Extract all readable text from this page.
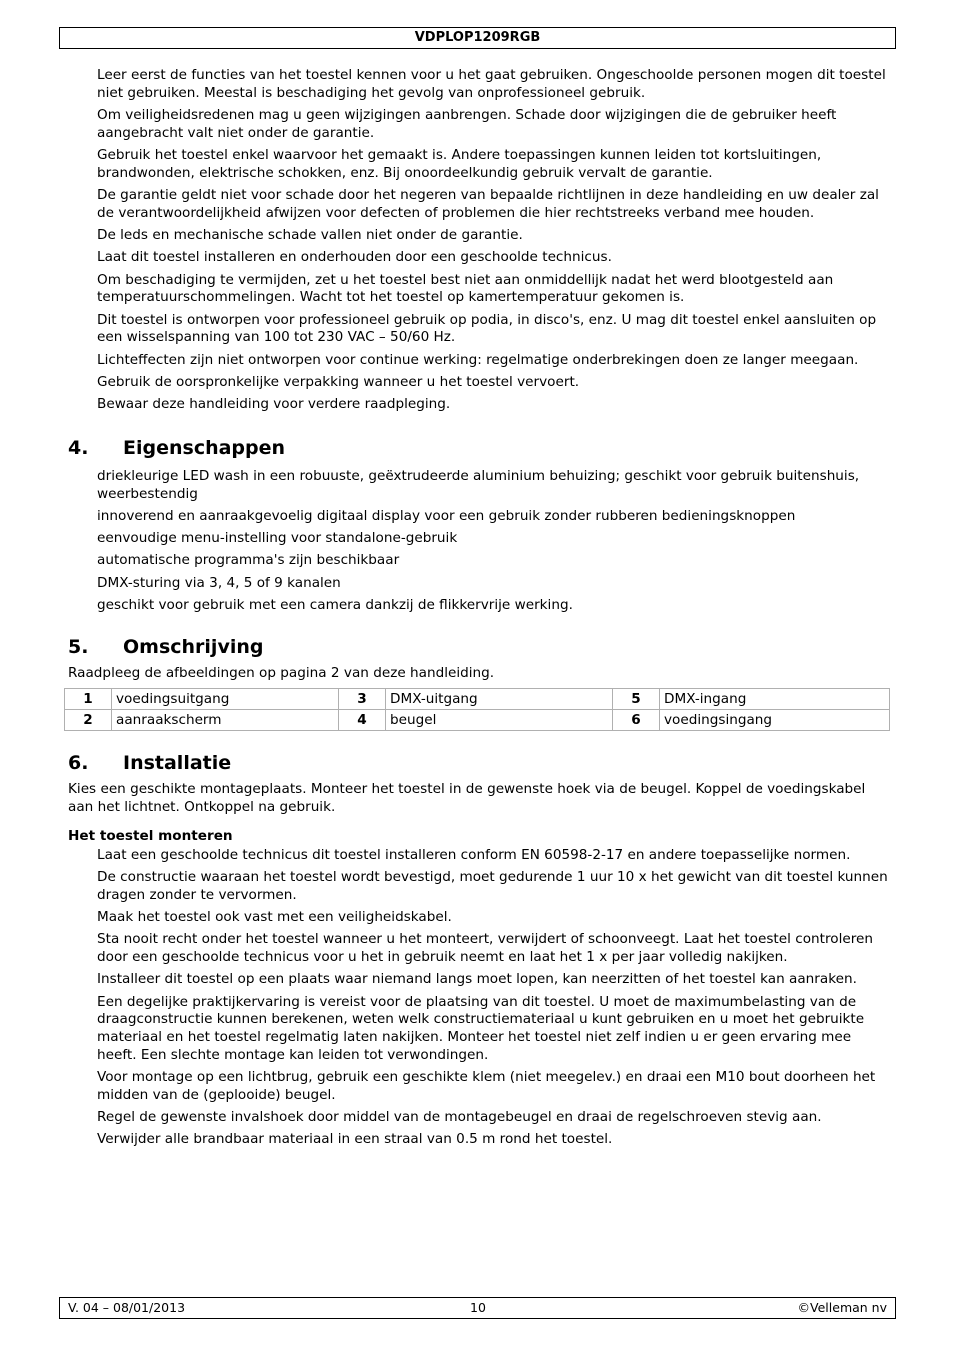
VDPLOP1209RGB
Leer eerst de functies van het toestel kennen voor u het gaat gebruiken. Ongeschoolde personen mogen dit toestel niet gebruiken. Meestal is beschadiging het gevolg van onprofessioneel gebruik.
Om veiligheidsredenen mag u geen wijzigingen aanbrengen. Schade door wijzigingen die de gebruiker heeft aangebracht valt niet onder de garantie.
Gebruik het toestel enkel waarvoor het gemaakt is. Andere toepassingen kunnen leiden tot kortsluitingen, brandwonden, elektrische schokken, enz. Bij onoordeelkundig gebruik vervalt de garantie.
De garantie geldt niet voor schade door het negeren van bepaalde richtlijnen in deze handleiding en uw dealer zal de verantwoordelijkheid afwijzen voor defecten of problemen die hier rechtstreeks verband mee houden.
De leds en mechanische schade vallen niet onder de garantie.
Laat dit toestel installeren en onderhouden door een geschoolde technicus.
Om beschadiging te vermijden, zet u het toestel best niet aan onmiddellijk nadat het werd blootgesteld aan temperatuurschommelingen. Wacht tot het toestel op kamertemperatuur gekomen is.
Dit toestel is ontworpen voor professioneel gebruik op podia, in disco's, enz. U mag dit toestel enkel aansluiten op een wisselspanning van 100 tot 230 VAC – 50/60 Hz.
Lichteffecten zijn niet ontworpen voor continue werking: regelmatige onderbrekingen doen ze langer meegaan.
Gebruik de oorspronkelijke verpakking wanneer u het toestel vervoert.
Bewaar deze handleiding voor verdere raadpleging.
4. Eigenschappen
driekleurige LED wash in een robuuste, geëxtrudeerde aluminium behuizing; geschikt voor gebruik buitenshuis, weerbestendig
innoverend en aanraakgevoelig digitaal display voor een gebruik zonder rubberen bedieningsknoppen
eenvoudige menu-instelling voor standalone-gebruik
automatische programma's zijn beschikbaar
DMX-sturing via 3, 4, 5 of 9 kanalen
geschikt voor gebruik met een camera dankzij de flikkervrije werking.
5. Omschrijving

Raadpleeg de afbeeldingen op pagina 2 van deze handleiding.

1	voedingsuitgang	3	DMX-uitgang	5	DMX-ingang
2	aanraakscherm	4	beugel	6	voedingsingang
6. Installatie

Kies een geschikte montageplaats. Monteer het toestel in de gewenste hoek via de beugel. Koppel de voedingskabel aan het lichtnet. Ontkoppel na gebruik.

Het toestel monteren
Laat een geschoolde technicus dit toestel installeren conform EN 60598-2-17 en andere toepasselijke normen.
De constructie waaraan het toestel wordt bevestigd, moet gedurende 1 uur 10 x het gewicht van dit toestel kunnen dragen zonder te vervormen.
Maak het toestel ook vast met een veiligheidskabel.
Sta nooit recht onder het toestel wanneer u het monteert, verwijdert of schoonveegt. Laat het toestel controleren door een geschoolde technicus voor u het in gebruik neemt en laat het 1 x per jaar volledig nakijken.
Installeer dit toestel op een plaats waar niemand langs moet lopen, kan neerzitten of het toestel kan aanraken.
Een degelijke praktijkervaring is vereist voor de plaatsing van dit toestel. U moet de maximumbelasting van de draagconstructie kunnen berekenen, weten welk constructiemateriaal u kunt gebruiken en u moet het gebruikte materiaal en het toestel regelmatig laten nakijken. Monteer het toestel niet zelf indien u er geen ervaring mee heeft. Een slechte montage kan leiden tot verwondingen.
Voor montage op een lichtbrug, gebruik een geschikte klem (niet meegelev.) en draai een M10 bout doorheen het midden van de (geplooide) beugel.
Regel de gewenste invalshoek door middel van de montagebeugel en draai de regelschroeven stevig aan.
Verwijder alle brandbaar materiaal in een straal van 0.5 m rond het toestel.
V. 04 – 08/01/2013	10	©Velleman nv
